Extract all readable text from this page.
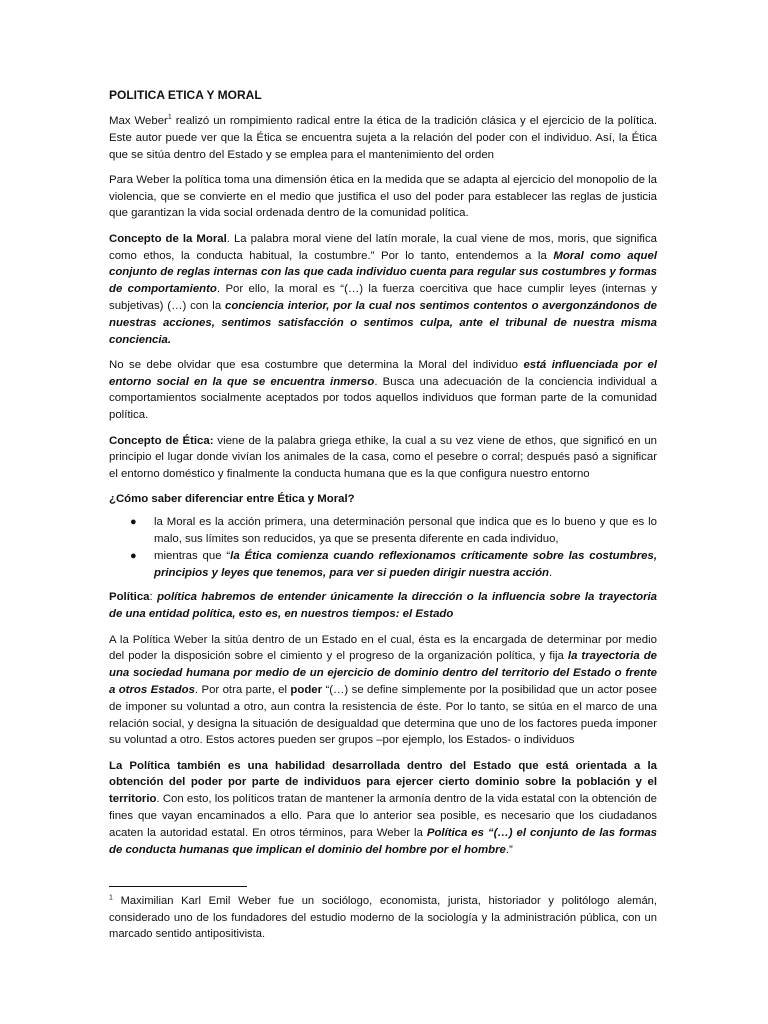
POLITICA ETICA Y MORAL

Max Weber$^1$ realizó un rompimiento radical entre la ética de la tradición clásica y el ejercicio de la política. Este autor puede ver que la Ética se encuentra sujeta a la relación del poder con el individuo. Así, la Ética que se sitúa dentro del Estado y se emplea para el mantenimiento del orden

Para Weber la política toma una dimensión ética en la medida que se adapta al ejercicio del monopolio de la violencia, que se convierte en el medio que justifica el uso del poder para establecer las reglas de justicia que garantizan la vida social ordenada dentro de la comunidad política.

Concepto de la Moral. La palabra moral viene del latín morale, la cual viene de mos, moris, que significa como ethos, la conducta habitual, la costumbre.” Por lo tanto, entendemos a la Moral como aquel conjunto de reglas internas con las que cada individuo cuenta para regular sus costumbres y formas de comportamiento. Por ello, la moral es “(…) la fuerza coercitiva que hace cumplir leyes (internas y subjetivas) (…) con la conciencia interior, por la cual nos sentimos contentos o avergonzándonos de nuestras acciones, sentimos satisfacción o sentimos culpa, ante el tribunal de nuestra misma conciencia.

No se debe olvidar que esa costumbre que determina la Moral del individuo está influenciada por el entorno social en la que se encuentra inmerso. Busca una adecuación de la conciencia individual a comportamientos socialmente aceptados por todos aquellos individuos que forman parte de la comunidad política.

Concepto de Ética: viene de la palabra griega ethike, la cual a su vez viene de ethos, que significó en un principio el lugar donde vivían los animales de la casa, como el pesebre o corral; después pasó a significar el entorno doméstico y finalmente la conducta humana que es la que configura nuestro entorno

¿Cómo saber diferenciar entre Ética y Moral?

● la Moral es la acción primera, una determinación personal que indica que es lo bueno y que es lo malo, sus límites son reducidos, ya que se presenta diferente en cada individuo,
● mientras que “la Ética comienza cuando reflexionamos críticamente sobre las costumbres, principios y leyes que tenemos, para ver si pueden dirigir nuestra acción.

Política: política habremos de entender únicamente la dirección o la influencia sobre la trayectoria de una entidad política, esto es, en nuestros tiempos: el Estado

A la Política Weber la sitúa dentro de un Estado en el cual, ésta es la encargada de determinar por medio del poder la disposición sobre el cimiento y el progreso de la organización política, y fija la trayectoria de una sociedad humana por medio de un ejercicio de dominio dentro del territorio del Estado o frente a otros Estados. Por otra parte, el poder “(…) se define simplemente por la posibilidad que un actor posee de imponer su voluntad a otro, aun contra la resistencia de éste. Por lo tanto, se sitúa en el marco de una relación social, y designa la situación de desigualdad que determina que uno de los factores pueda imponer su voluntad a otro. Estos actores pueden ser grupos –por ejemplo, los Estados- o individuos

La Política también es una habilidad desarrollada dentro del Estado que está orientada a la obtención del poder por parte de individuos para ejercer cierto dominio sobre la población y el territorio. Con esto, los políticos tratan de mantener la armonía dentro de la vida estatal con la obtención de fines que vayan encaminados a ello. Para que lo anterior sea posible, es necesario que los ciudadanos acaten la autoridad estatal. En otros términos, para Weber la Política es “(…) el conjunto de las formas de conducta humanas que implican el dominio del hombre por el hombre.”

$^1$ Maximilian Karl Emil Weber fue un sociólogo, economista, jurista, historiador y politólogo alemán, considerado uno de los fundadores del estudio moderno de la sociología y la administración pública, con un marcado sentido antipositivista.
